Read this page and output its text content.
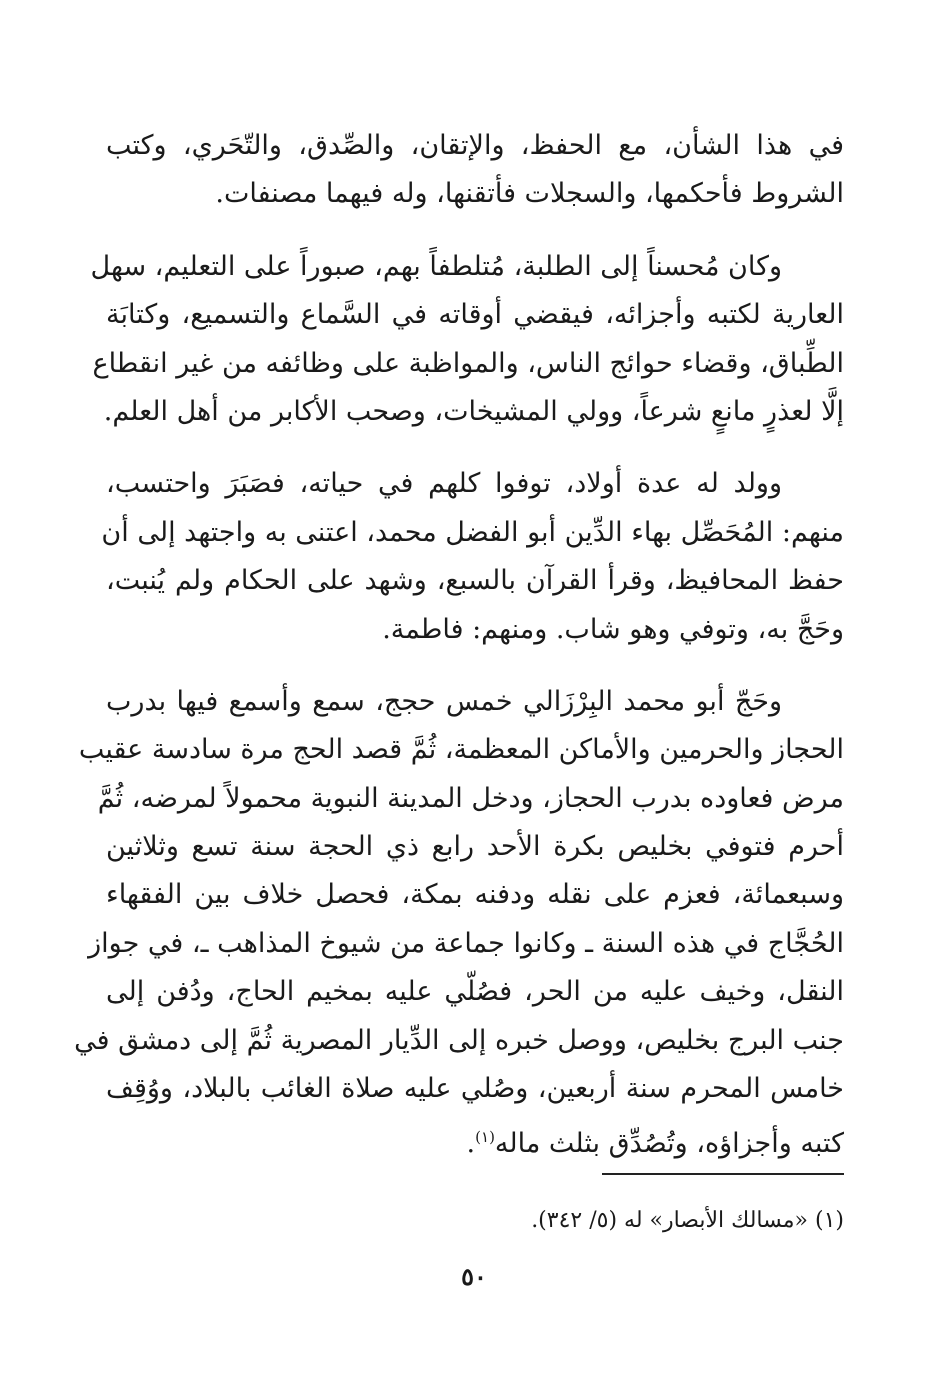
في هذا الشأن، مع الحفظ، والإتقان، والصِّدق، والتّحَري، وكتب
الشروط فأحكمها، والسجلات فأتقنها، وله فيهما مصنفات.
وكان مُحسناً إلى الطلبة، مُتلطفاً بهم، صبوراً على التعليم، سهل
العارية لكتبه وأجزائه، فيقضي أوقاته في السَّماع والتسميع، وكتابَة
الطِّباق، وقضاء حوائج الناس، والمواظبة على وظائفه من غير انقطاع
إلَّا لعذرٍ مانعٍ شرعاً، وولي المشيخات، وصحب الأكابر من أهل العلم.
وولد له عدة أولاد، توفوا كلهم في حياته، فصَبَرَ واحتسب،
منهم: المُحَصِّل بهاء الدِّين أبو الفضل محمد، اعتنى به واجتهد إلى أن
حفظ المحافيظ، وقرأ القرآن بالسبع، وشهد على الحكام ولم يُنبت،
وحَجَّ به، وتوفي وهو شاب. ومنهم: فاطمة.
وحَجّ أبو محمد البِرْزَالي خمس حجج، سمع وأسمع فيها بدرب
الحجاز والحرمين والأماكن المعظمة، ثُمَّ قصد الحج مرة سادسة عقيب
مرض فعاوده بدرب الحجاز، ودخل المدينة النبوية محمولاً لمرضه، ثُمَّ
أحرم فتوفي بخليص بكرة الأحد رابع ذي الحجة سنة تسع وثلاثين
وسبعمائة، فعزم على نقله ودفنه بمكة، فحصل خلاف بين الفقهاء
الحُجَّاج في هذه السنة ـ وكانوا جماعة من شيوخ المذاهب ـ، في جواز
النقل، وخيف عليه من الحر، فصُلّي عليه بمخيم الحاج، ودُفن إلى
جنب البرج بخليص، ووصل خبره إلى الدِّيار المصرية ثُمَّ إلى دمشق في
خامس المحرم سنة أربعين، وصُلي عليه صلاة الغائب بالبلاد، ووُقِف
كتبه وأجزاؤه، وتُصُدِّق بثلث ماله$^{(١)}$.
(١) «مسالك الأبصار» له (٥/ ٣٤٢).
٥٠
